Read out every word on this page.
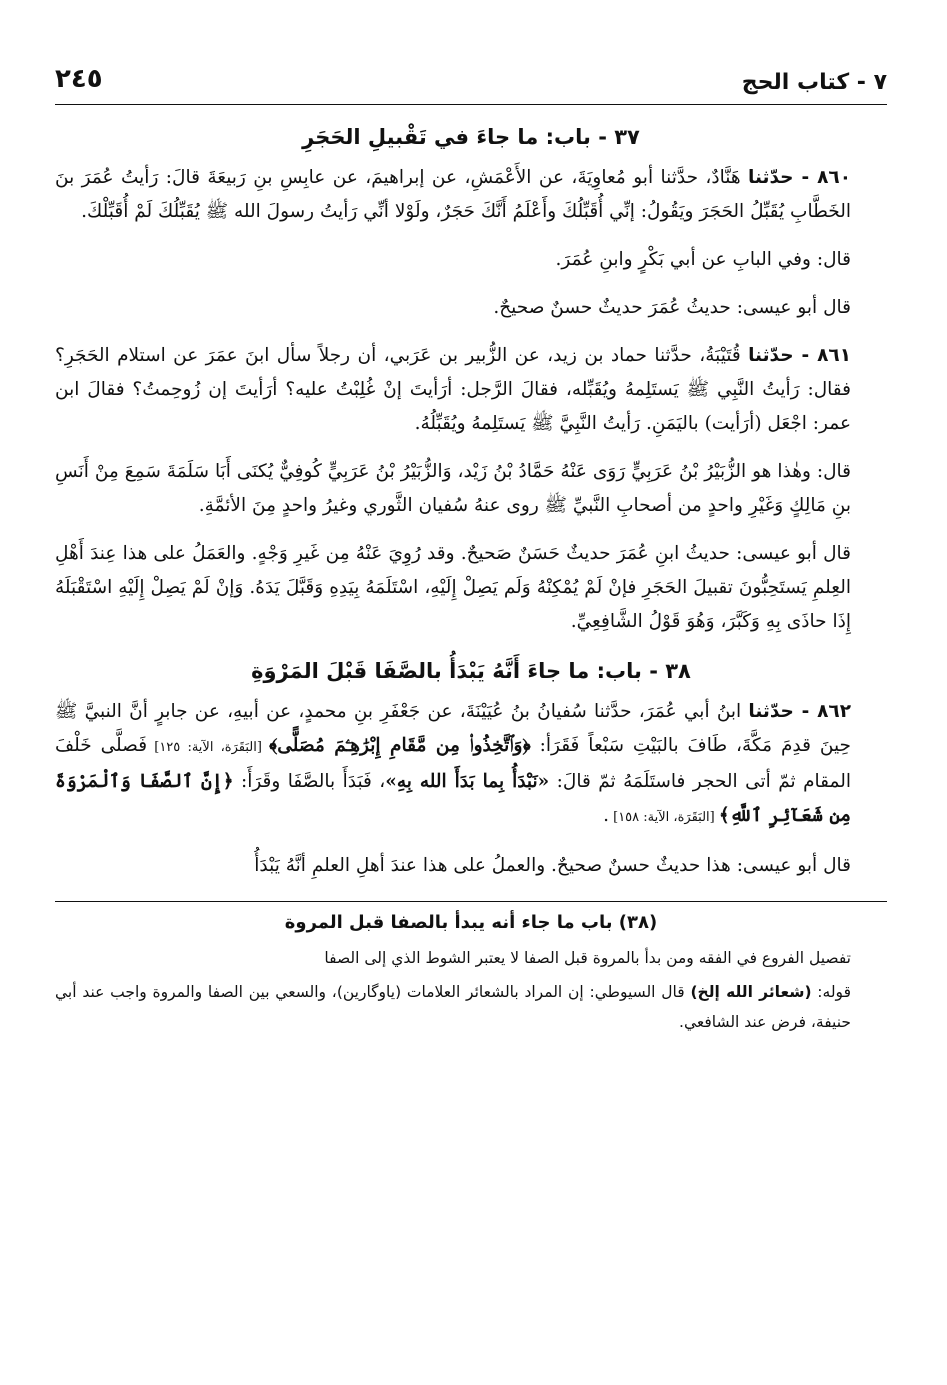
٧ - كتاب الحج
٢٤٥
٣٧ - باب: ما جاءَ في تَقْبيلِ الحَجَرِ

٨٦٠ - حدّثنا هَنَّادٌ، حدَّثنا أبو مُعاوِيَةَ، عن الأَعْمَشِ، عن إبراهيمَ، عن عابِسِ بنِ رَبيعَةَ قالَ: رَأيتُ عُمَرَ بنَ الخَطَّابِ يُقَبِّلُ الحَجَرَ ويَقُولُ: إنِّي أُقَبِّلُكَ وأَعْلَمُ أَنَّكَ حَجَرٌ، ولَوْلا أنِّي رَأيتُ رسولَ الله ﷺ يُقَبِّلُكَ لَمْ أُقَبِّلْكَ.

قال: وفي البابِ عن أبي بَكْرٍ وابنِ عُمَرَ.

قال أبو عيسى: حديثُ عُمَرَ حديثٌ حسنٌ صحيحٌ.

٨٦١ - حدّثنا قُتَيْبَةُ، حدَّثنا حماد بن زيد، عن الزُّبير بن عَرَبي، أن رجلاً سأل ابنَ عمَرَ عن استلام الحَجَرِ؟ فقال: رَأيتُ النَّبِي ﷺ يَستَلِمهُ ويُقَبِّله، فقالَ الرَّجل: أرَأيتَ إنْ غُلِبْتُ عليه؟ أرَأيتَ إن زُوحِمتُ؟ فقالَ ابن عمر: اجْعَل (أرَأيت) باليَمَنِ. رَأيتُ النَّبِيَّ ﷺ يَستَلِمهُ ويُقَبِّلُهُ.

قال: وهٰذا هو الزُّبَيْرُ بْنُ عَرَبِيٍّ رَوَى عَنْهُ حَمَّادُ بْنُ زَيْد، وَالزُّبَيْرُ بْنُ عَرَبِيٍّ كُوفِيٌّ يُكنَى أَبَا سَلَمَةَ سَمِعَ مِنْ أَنَسِ بنِ مَالِكٍ وَغَيْرِ واحدٍ من أصحابِ النَّبيِّ ﷺ روى عنهُ سُفيان الثَّوري وغيرُ واحدٍ مِنَ الأئمَّةِ.

قال أبو عيسى: حديثُ ابنِ عُمَرَ حديثٌ حَسَنٌ صَحيحٌ. وقد رُوِيَ عَنْهُ مِن غَيرِ وَجْهٍ. والعَمَلُ على هذا عِندَ أَهْلِ العِلمِ يَستَحِبُّونَ تقبيلَ الحَجَرِ فإنْ لَمْ يُمْكِنْهُ وَلَم يَصِلْ إِلَيْهِ، اسْتَلَمَهُ بِيَدِهِ وَقَبَّلَ يَدَهُ. وَإنْ لَمْ يَصِلْ إِلَيْهِ اسْتَقْبَلَهُ إِذَا حاذَى بِهِ وَكَبَّرَ، وَهُوَ قَوْلُ الشَّافِعِيِّ.

٣٨ - باب: ما جاءَ أَنَّهُ يَبْدَأُ بالصَّفَا قَبْلَ المَرْوَةِ

٨٦٢ - حدّثنا ابنُ أبي عُمَرَ، حدَّثنا سُفيانُ بنُ عُيَيْنَةَ، عن جَعْفَرِ بنِ محمدٍ، عن أبيهِ، عن جابرٍ أنَّ النبيَّ ﷺ حِينَ قدِمَ مَكَّةَ، طَافَ بالبَيْتِ سَبْعاً فَقَرَأ: ﴿وَٱتَّخِذُوا۟ مِن مَّقَامِ إِبْرَٰهِـۧمَ مُصَلًّى﴾ [البَقَرَة، الآية: ١٢٥] فَصلَّى خَلْفَ المقام ثمّ أتى الحجر فاستَلَمَهُ ثمّ قالَ: «نَبْدَأُ بِما بَدَأَ الله بِهِ»، فَبَدَأَ بالصَّفَا وقَرَأَ: ﴿إِنَّ ٱلصَّفَا وَٱلْمَرْوَةَ مِن شَعَآئِرِ ٱللَّهِ﴾ [البَقَرَة، الآية: ١٥٨] .

قال أبو عيسى: هذا حديثٌ حسنٌ صحيحٌ. والعملُ على هذا عندَ أهلِ العلمِ أنَّهُ يَبْدَأُ

(٣٨) باب ما جاء أنه يبدأ بالصفا قبل المروة

تفصيل الفروع في الفقه ومن بدأ بالمروة قبل الصفا لا يعتبر الشوط الذي إلى الصفا

قوله: (شعائر الله إلخ) قال السيوطي: إن المراد بالشعائر العلامات (ياوگارين)، والسعي بين الصفا والمروة واجب عند أبي حنيفة، فرض عند الشافعي.
